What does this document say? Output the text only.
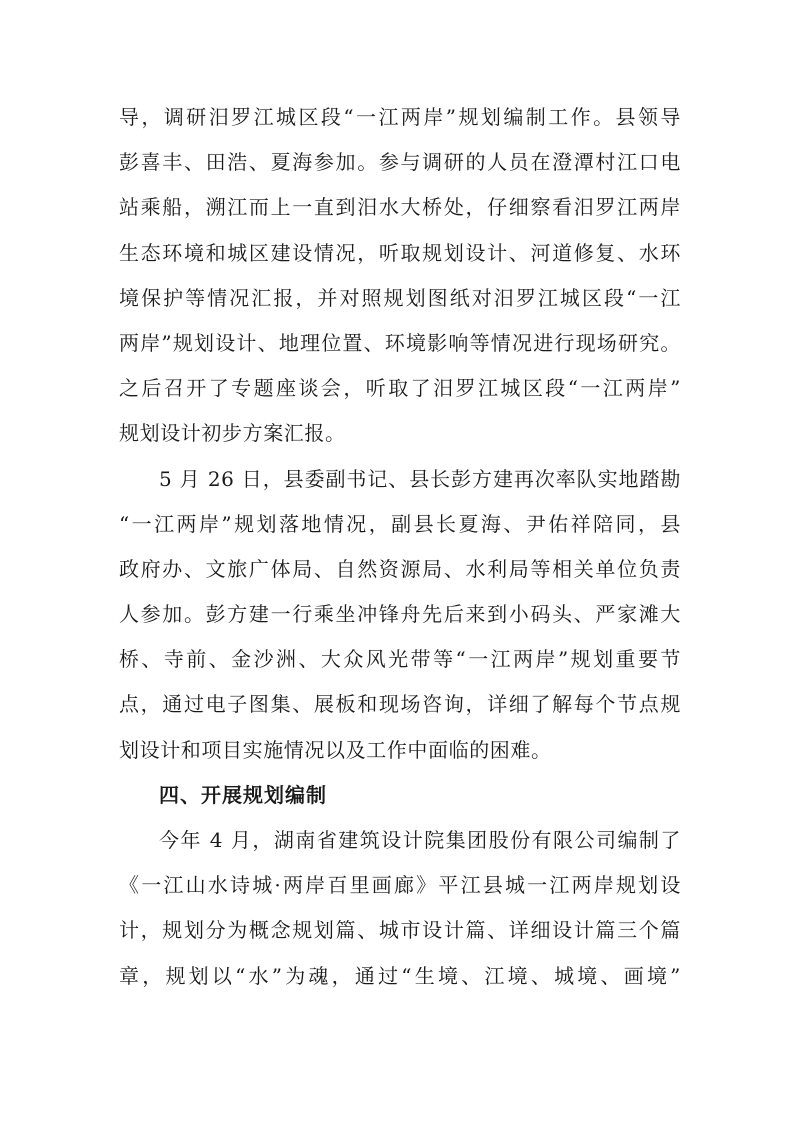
导，调研汨罗江城区段“一江两岸”规划编制工作。县领导
彭喜丰、田浩、夏海参加。参与调研的人员在澄潭村江口电
站乘船，溯江而上一直到汨水大桥处，仔细察看汨罗江两岸
生态环境和城区建设情况，听取规划设计、河道修复、水环
境保护等情况汇报，并对照规划图纸对汨罗江城区段“一江
两岸”规划设计、地理位置、环境影响等情况进行现场研究。
之后召开了专题座谈会，听取了汨罗江城区段“一江两岸”
规划设计初步方案汇报。
5 月 26 日，县委副书记、县长彭方建再次率队实地踏勘
“一江两岸”规划落地情况，副县长夏海、尹佑祥陪同，县
政府办、文旅广体局、自然资源局、水利局等相关单位负责
人参加。彭方建一行乘坐冲锋舟先后来到小码头、严家滩大
桥、寺前、金沙洲、大众风光带等“一江两岸”规划重要节
点，通过电子图集、展板和现场咨询，详细了解每个节点规
划设计和项目实施情况以及工作中面临的困难。
四、开展规划编制
今年 4 月，湖南省建筑设计院集团股份有限公司编制了
《一江山水诗城·两岸百里画廊》平江县城一江两岸规划设
计，规划分为概念规划篇、城市设计篇、详细设计篇三个篇
章，规划以“水”为魂，通过“生境、江境、城境、画境”
